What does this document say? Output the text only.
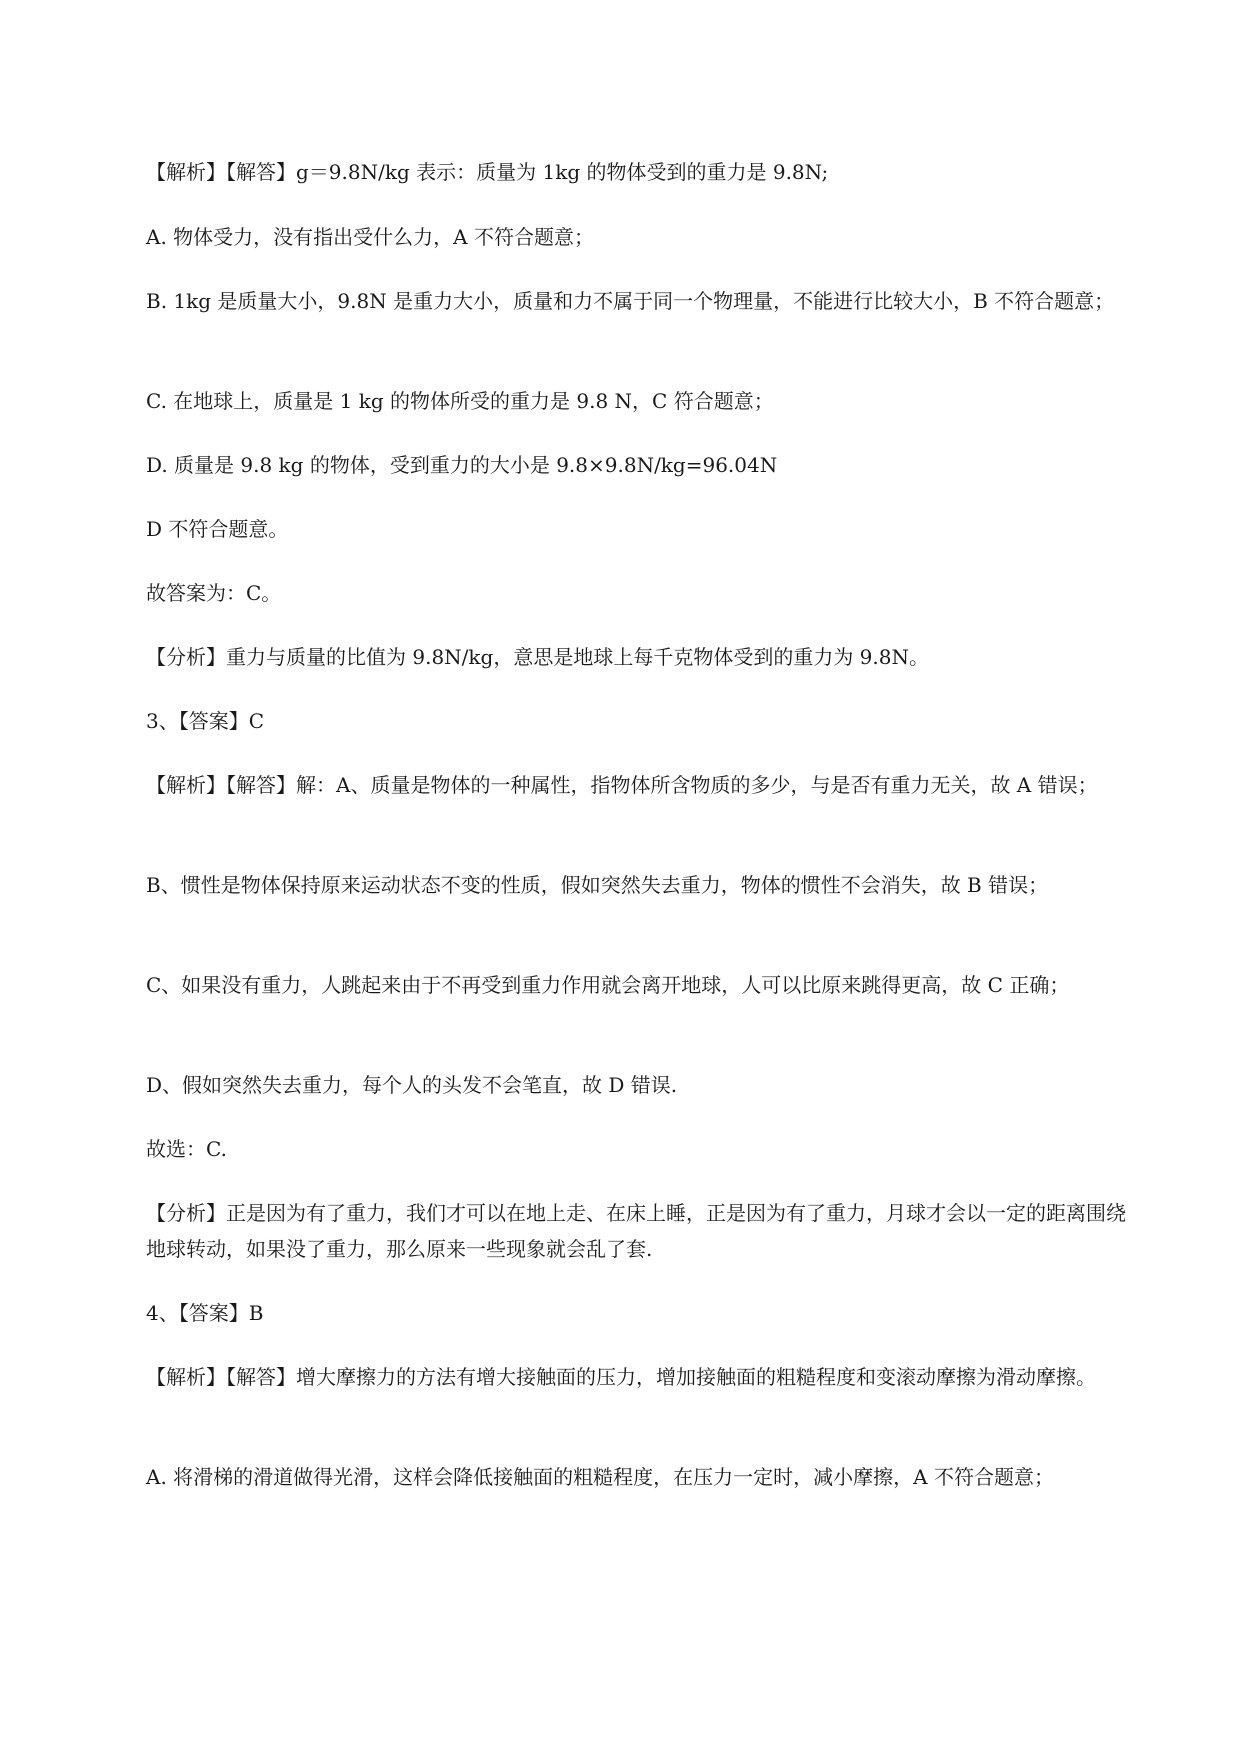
【解析】【解答】g＝9.8N/kg 表示：质量为 1kg 的物体受到的重力是 9.8N;

A. 物体受力，没有指出受什么力，A 不符合题意；

B. 1kg 是质量大小，9.8N 是重力大小，质量和力不属于同一个物理量，不能进行比较大小，B 不符合题意；

C. 在地球上，质量是 1 kg 的物体所受的重力是 9.8 N，C 符合题意；

D. 质量是 9.8 kg 的物体，受到重力的大小是 9.8×9.8N/kg=96.04N

D 不符合题意。

故答案为：C。

【分析】重力与质量的比值为 9.8N/kg，意思是地球上每千克物体受到的重力为 9.8N。

3、【答案】C

【解析】【解答】解：A、质量是物体的一种属性，指物体所含物质的多少，与是否有重力无关，故 A 错误；

B、惯性是物体保持原来运动状态不变的性质，假如突然失去重力，物体的惯性不会消失，故 B 错误；

C、如果没有重力，人跳起来由于不再受到重力作用就会离开地球，人可以比原来跳得更高，故 C 正确；

D、假如突然失去重力，每个人的头发不会笔直，故 D 错误.

故选：C.

【分析】正是因为有了重力，我们才可以在地上走、在床上睡，正是因为有了重力，月球才会以一定的距离围绕地球转动，如果没了重力，那么原来一些现象就会乱了套.

4、【答案】B

【解析】【解答】增大摩擦力的方法有增大接触面的压力，增加接触面的粗糙程度和变滚动摩擦为滑动摩擦。

A. 将滑梯的滑道做得光滑，这样会降低接触面的粗糙程度，在压力一定时，减小摩擦，A 不符合题意；
